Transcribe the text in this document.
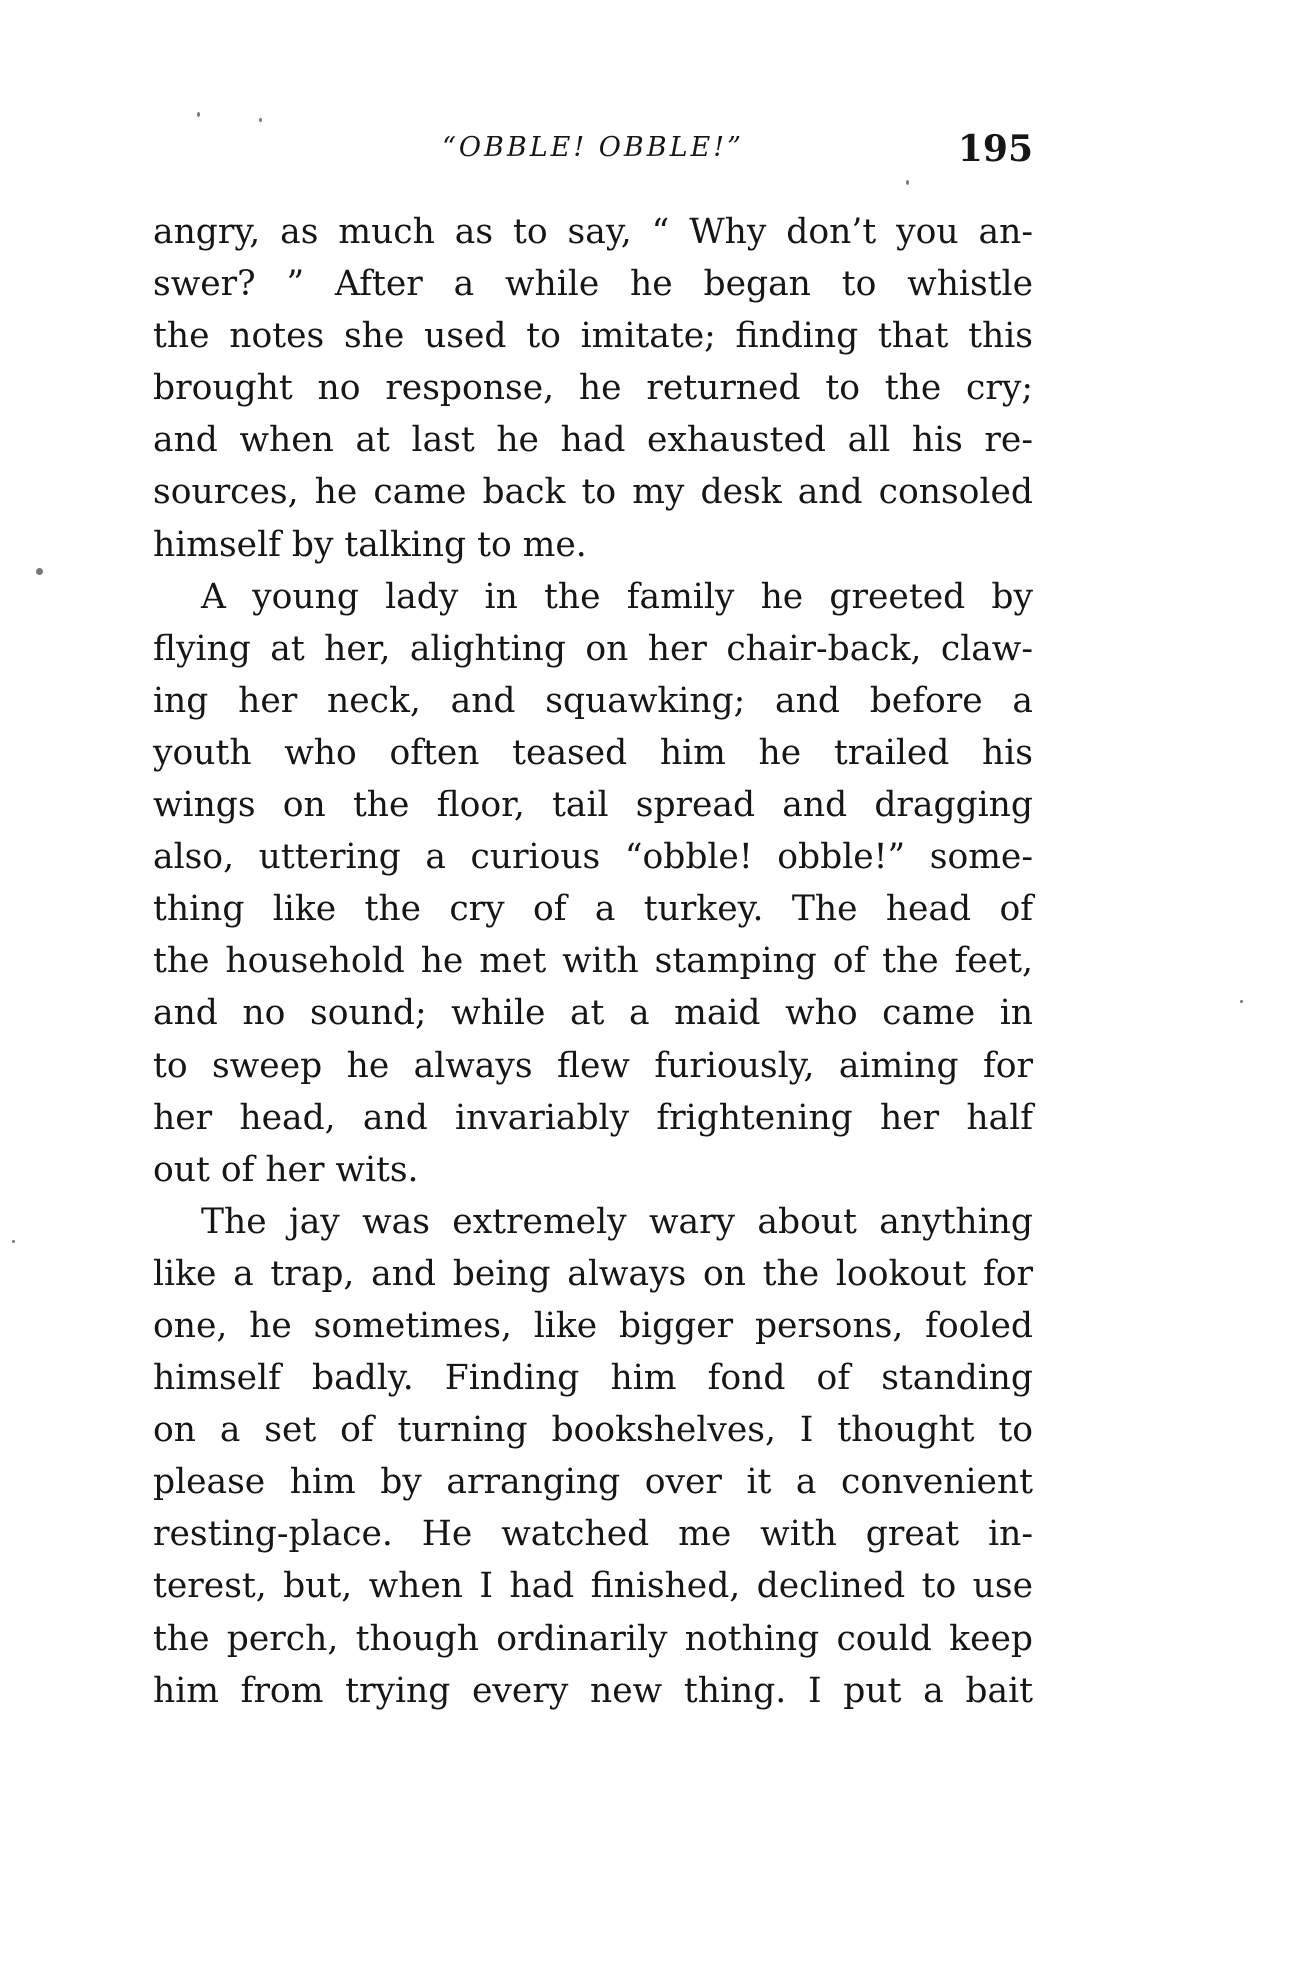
“OBBLE! OBBLE!”	195
angry, as much as to say, “ Why don’t you an-
swer? ” After a while he began to whistle
the notes she used to imitate; finding that this
brought no response, he returned to the cry;
and when at last he had exhausted all his re-
sources, he came back to my desk and consoled
himself by talking to me.
A young lady in the family he greeted by
flying at her, alighting on her chair-back, claw-
ing her neck, and squawking; and before a
youth who often teased him he trailed his
wings on the floor, tail spread and dragging
also, uttering a curious “obble! obble!” some-
thing like the cry of a turkey. The head of
the household he met with stamping of the feet,
and no sound; while at a maid who came in
to sweep he always flew furiously, aiming for
her head, and invariably frightening her half
out of her wits.
The jay was extremely wary about anything
like a trap, and being always on the lookout for
one, he sometimes, like bigger persons, fooled
himself badly. Finding him fond of standing
on a set of turning bookshelves, I thought to
please him by arranging over it a convenient
resting-place. He watched me with great in-
terest, but, when I had finished, declined to use
the perch, though ordinarily nothing could keep
him from trying every new thing. I put a bait
